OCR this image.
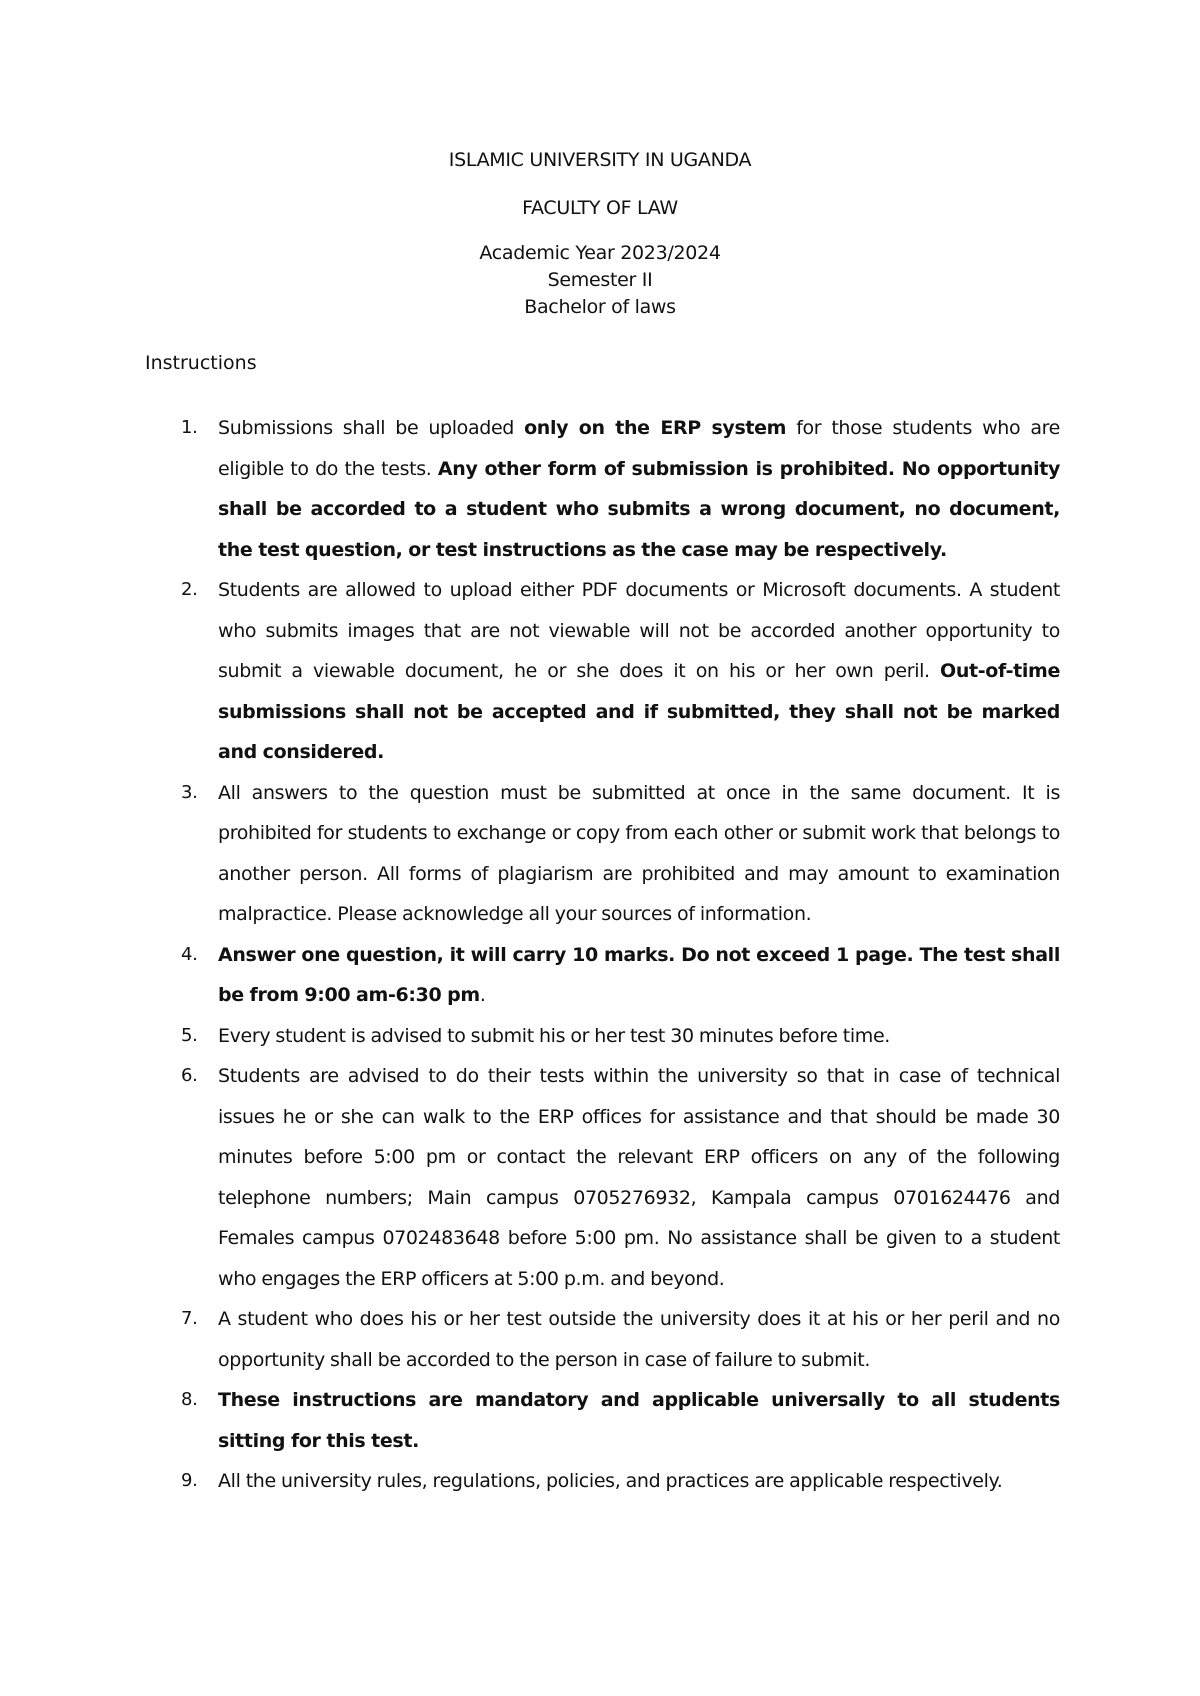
ISLAMIC UNIVERSITY IN UGANDA
FACULTY OF LAW
Academic Year 2023/2024
Semester II
Bachelor of laws
Instructions
1.	Submissions shall be uploaded only on the ERP system for those students who are eligible to do the tests. Any other form of submission is prohibited. No opportunity shall be accorded to a student who submits a wrong document, no document, the test question, or test instructions as the case may be respectively.
2.	Students are allowed to upload either PDF documents or Microsoft documents. A student who submits images that are not viewable will not be accorded another opportunity to submit a viewable document, he or she does it on his or her own peril. Out-of-time submissions shall not be accepted and if submitted, they shall not be marked and considered.
3.	All answers to the question must be submitted at once in the same document. It is prohibited for students to exchange or copy from each other or submit work that belongs to another person. All forms of plagiarism are prohibited and may amount to examination malpractice. Please acknowledge all your sources of information.
4.	Answer one question, it will carry 10 marks. Do not exceed 1 page. The test shall be from 9:00 am-6:30 pm.
5.	Every student is advised to submit his or her test 30 minutes before time.
6.	Students are advised to do their tests within the university so that in case of technical issues he or she can walk to the ERP offices for assistance and that should be made 30 minutes before 5:00 pm or contact the relevant ERP officers on any of the following telephone numbers; Main campus 0705276932, Kampala campus 0701624476 and Females campus 0702483648 before 5:00 pm. No assistance shall be given to a student who engages the ERP officers at 5:00 p.m. and beyond.
7.	A student who does his or her test outside the university does it at his or her peril and no opportunity shall be accorded to the person in case of failure to submit.
8.	These instructions are mandatory and applicable universally to all students sitting for this test.
9.	All the university rules, regulations, policies, and practices are applicable respectively.
